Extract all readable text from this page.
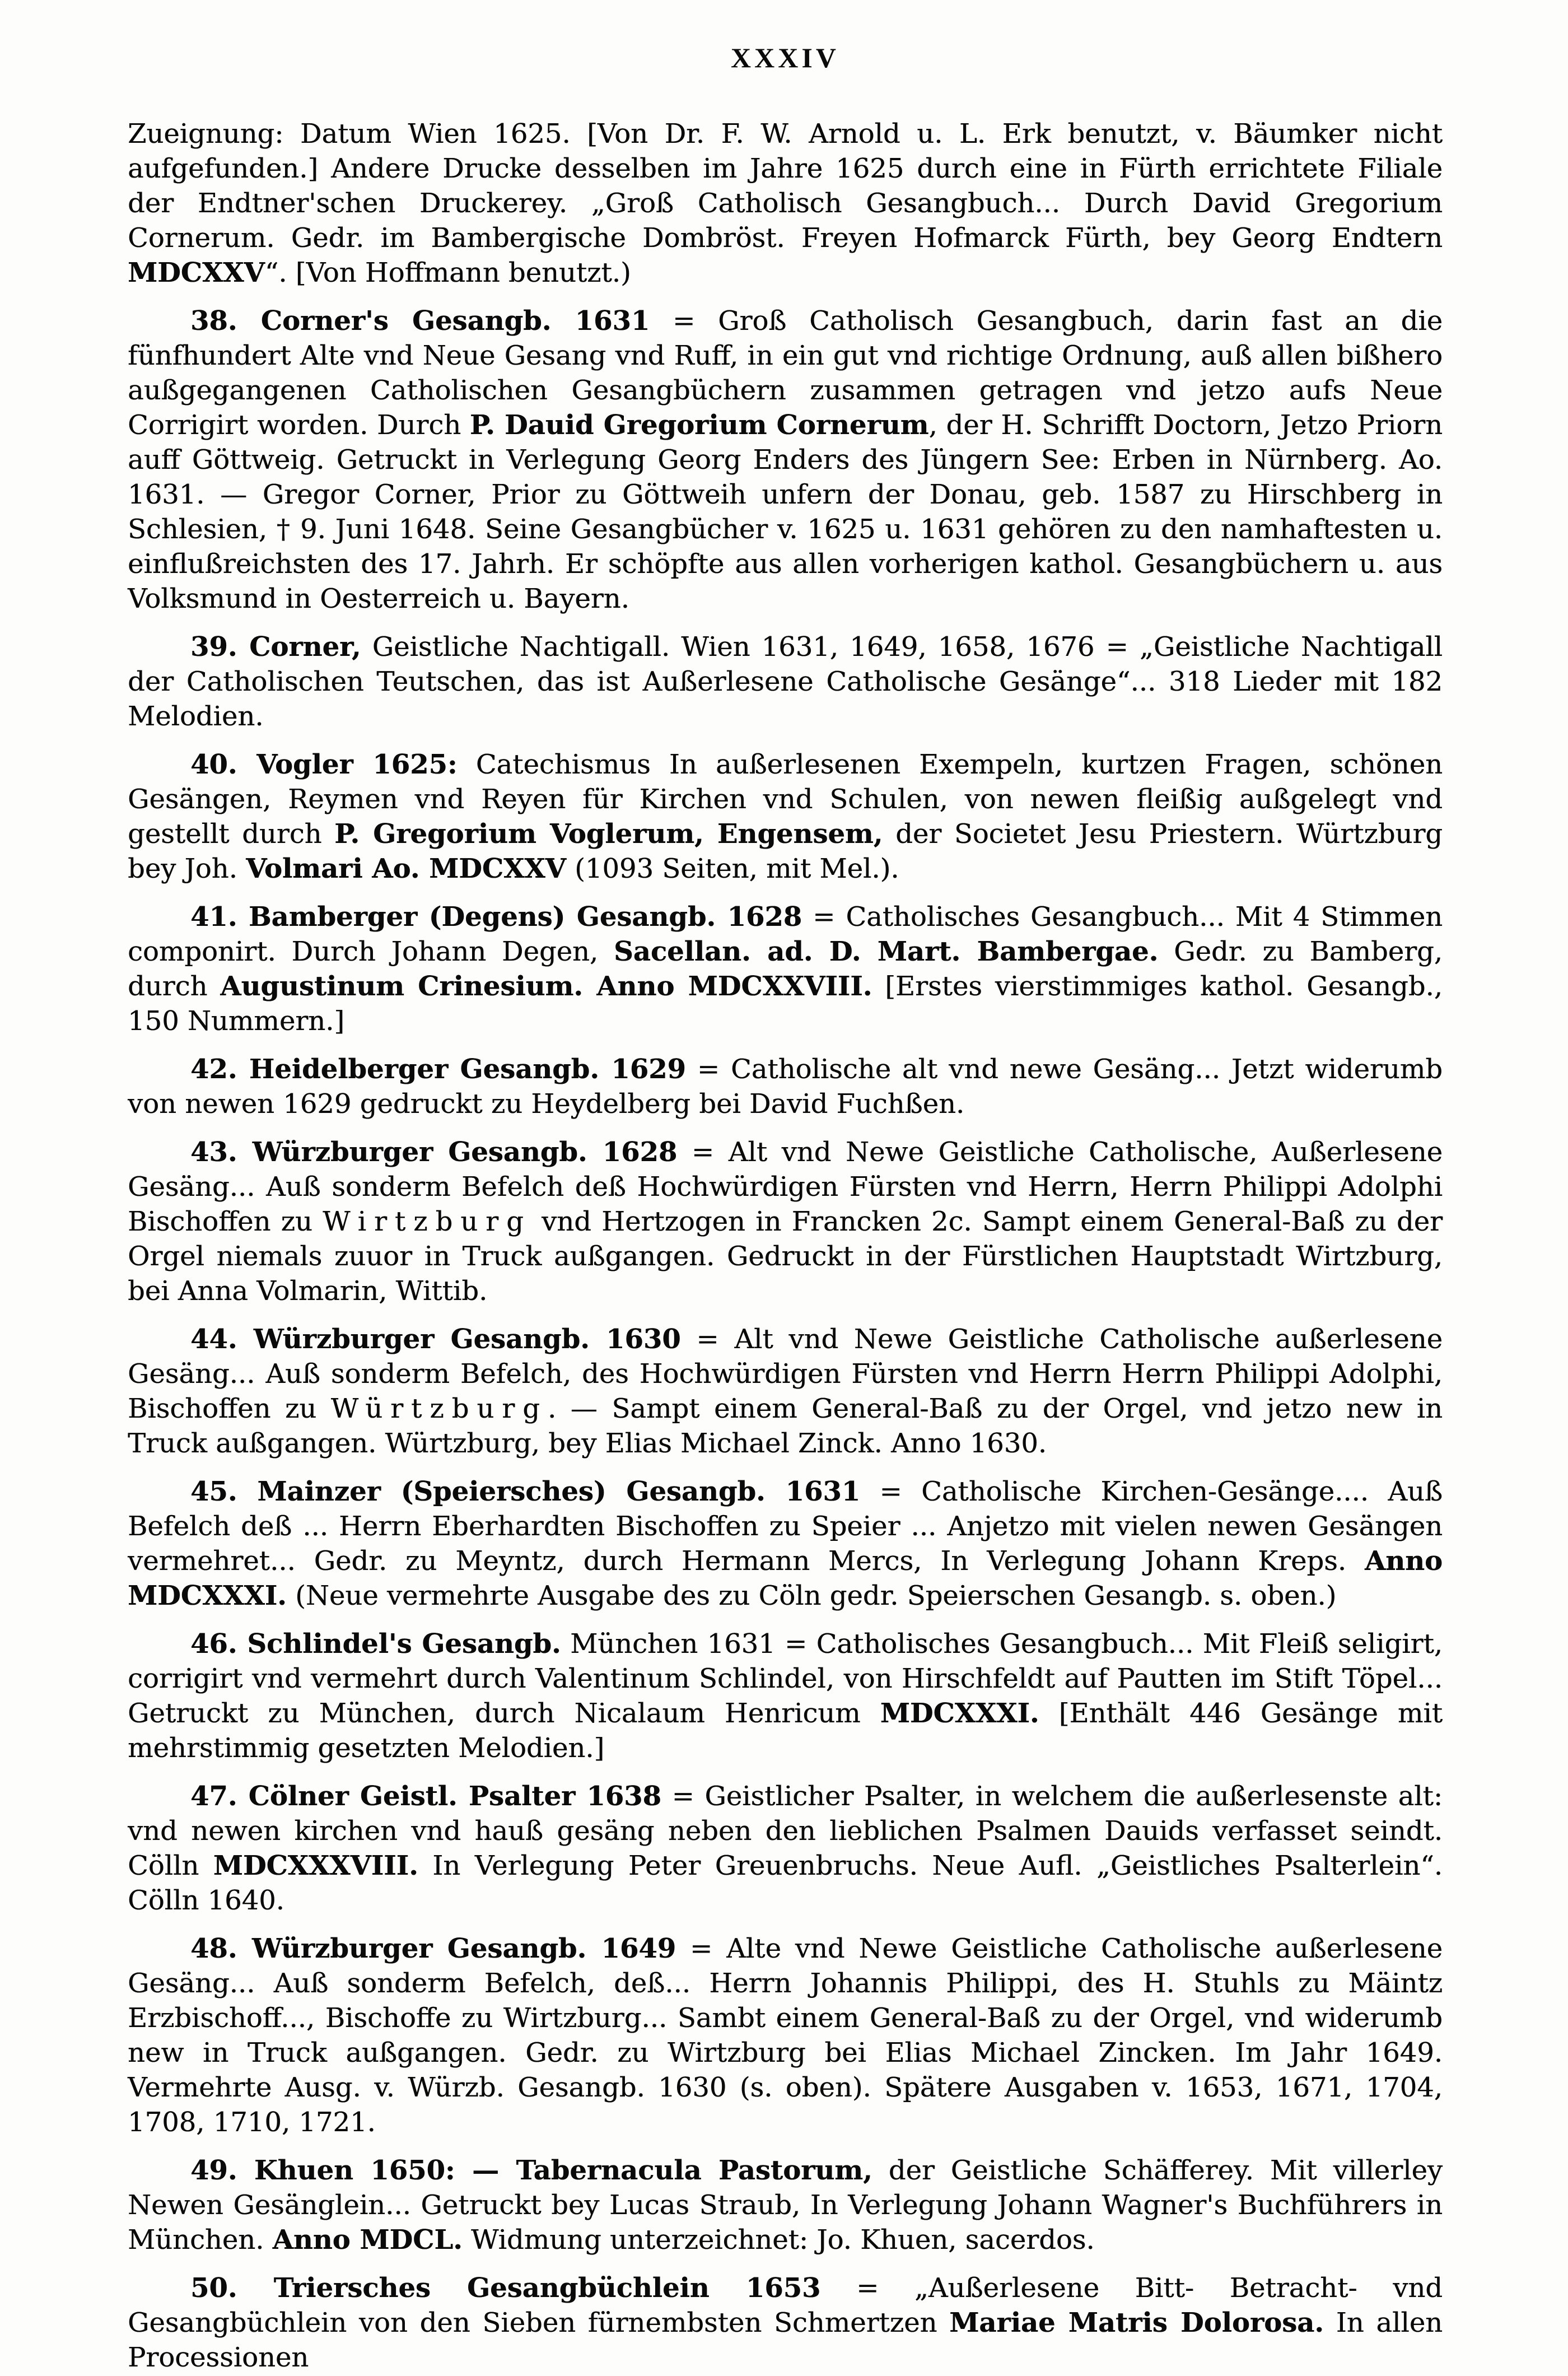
XXXIV

Zueignung: Datum Wien 1625. [Von Dr. F. W. Arnold u. L. Erk benutzt, v. Bäumker nicht aufgefunden.] Andere Drucke desselben im Jahre 1625 durch eine in Fürth errichtete Filiale der Endtner'schen Druckerey. „Groß Catholisch Gesangbuch... Durch David Gregorium Cornerum. Gedr. im Bambergische Dombröst. Freyen Hofmarck Fürth, bey Georg Endtern MDCXXV“. [Von Hoffmann benutzt.)

38. Corner's Gesangb. 1631 = Groß Catholisch Gesangbuch, darin fast an die fünfhundert Alte vnd Neue Gesang vnd Ruff, in ein gut vnd richtige Ordnung, auß allen bißhero außgegangenen Catholischen Gesangbüchern zusammen getragen vnd jetzo aufs Neue Corrigirt worden. Durch P. Dauid Gregorium Cornerum, der H. Schrifft Doctorn, Jetzo Priorn auff Göttweig. Getruckt in Verlegung Georg Enders des Jüngern See: Erben in Nürnberg. Ao. 1631. — Gregor Corner, Prior zu Göttweih unfern der Donau, geb. 1587 zu Hirschberg in Schlesien, † 9. Juni 1648. Seine Gesangbücher v. 1625 u. 1631 gehören zu den namhaftesten u. einflußreichsten des 17. Jahrh. Er schöpfte aus allen vorherigen kathol. Gesangbüchern u. aus Volksmund in Oesterreich u. Bayern.

39. Corner, Geistliche Nachtigall. Wien 1631, 1649, 1658, 1676 = „Geistliche Nachtigall der Catholischen Teutschen, das ist Außerlesene Catholische Gesänge“... 318 Lieder mit 182 Melodien.

40. Vogler 1625: Catechismus In außerlesenen Exempeln, kurtzen Fragen, schönen Gesängen, Reymen vnd Reyen für Kirchen vnd Schulen, von newen fleißig außgelegt vnd gestellt durch P. Gregorium Voglerum, Engensem, der Societet Jesu Priestern. Würtzburg bey Joh. Volmari Ao. MDCXXV (1093 Seiten, mit Mel.).

41. Bamberger (Degens) Gesangb. 1628 = Catholisches Gesangbuch... Mit 4 Stimmen componirt. Durch Johann Degen, Sacellan. ad. D. Mart. Bambergae. Gedr. zu Bamberg, durch Augustinum Crinesium. Anno MDCXXVIII. [Erstes vierstimmiges kathol. Gesangb., 150 Nummern.]

42. Heidelberger Gesangb. 1629 = Catholische alt vnd newe Gesäng... Jetzt widerumb von newen 1629 gedruckt zu Heydelberg bei David Fuchßen.

43. Würzburger Gesangb. 1628 = Alt vnd Newe Geistliche Catholische, Außerlesene Gesäng... Auß sonderm Befelch deß Hochwürdigen Fürsten vnd Herrn, Herrn Philippi Adolphi Bischoffen zu Wirtzburg vnd Hertzogen in Francken 2c. Sampt einem General-Baß zu der Orgel niemals zuuor in Truck außgangen. Gedruckt in der Fürstlichen Hauptstadt Wirtzburg, bei Anna Volmarin, Wittib.

44. Würzburger Gesangb. 1630 = Alt vnd Newe Geistliche Catholische außerlesene Gesäng... Auß sonderm Befelch, des Hochwürdigen Fürsten vnd Herrn Herrn Philippi Adolphi, Bischoffen zu Würtzburg. — Sampt einem General-Baß zu der Orgel, vnd jetzo new in Truck außgangen. Würtzburg, bey Elias Michael Zinck. Anno 1630.

45. Mainzer (Speiersches) Gesangb. 1631 = Catholische Kirchen-Gesänge.... Auß Befelch deß ... Herrn Eberhardten Bischoffen zu Speier ... Anjetzo mit vielen newen Gesängen vermehret... Gedr. zu Meyntz, durch Hermann Mercs, In Verlegung Johann Kreps. Anno MDCXXXI. (Neue vermehrte Ausgabe des zu Cöln gedr. Speierschen Gesangb. s. oben.)

46. Schlindel's Gesangb. München 1631 = Catholisches Gesangbuch... Mit Fleiß seligirt, corrigirt vnd vermehrt durch Valentinum Schlindel, von Hirschfeldt auf Pautten im Stift Töpel... Getruckt zu München, durch Nicalaum Henricum MDCXXXI. [Enthält 446 Gesänge mit mehrstimmig gesetzten Melodien.]

47. Cölner Geistl. Psalter 1638 = Geistlicher Psalter, in welchem die außerlesenste alt: vnd newen kirchen vnd hauß gesäng neben den lieblichen Psalmen Dauids verfasset seindt. Cölln MDCXXXVIII. In Verlegung Peter Greuenbruchs. Neue Aufl. „Geistliches Psalterlein“. Cölln 1640.

48. Würzburger Gesangb. 1649 = Alte vnd Newe Geistliche Catholische außerlesene Gesäng... Auß sonderm Befelch, deß... Herrn Johannis Philippi, des H. Stuhls zu Mäintz Erzbischoff..., Bischoffe zu Wirtzburg... Sambt einem General-Baß zu der Orgel, vnd widerumb new in Truck außgangen. Gedr. zu Wirtzburg bei Elias Michael Zincken. Im Jahr 1649. Vermehrte Ausg. v. Würzb. Gesangb. 1630 (s. oben). Spätere Ausgaben v. 1653, 1671, 1704, 1708, 1710, 1721.

49. Khuen 1650: — Tabernacula Pastorum, der Geistliche Schäfferey. Mit villerley Newen Gesänglein... Getruckt bey Lucas Straub, In Verlegung Johann Wagner's Buchführers in München. Anno MDCL. Widmung unterzeichnet: Jo. Khuen, sacerdos.

50. Triersches Gesangbüchlein 1653 = „Außerlesene Bitt- Betracht- vnd Gesangbüchlein von den Sieben fürnembsten Schmertzen Mariae Matris Dolorosa. In allen Processionen
